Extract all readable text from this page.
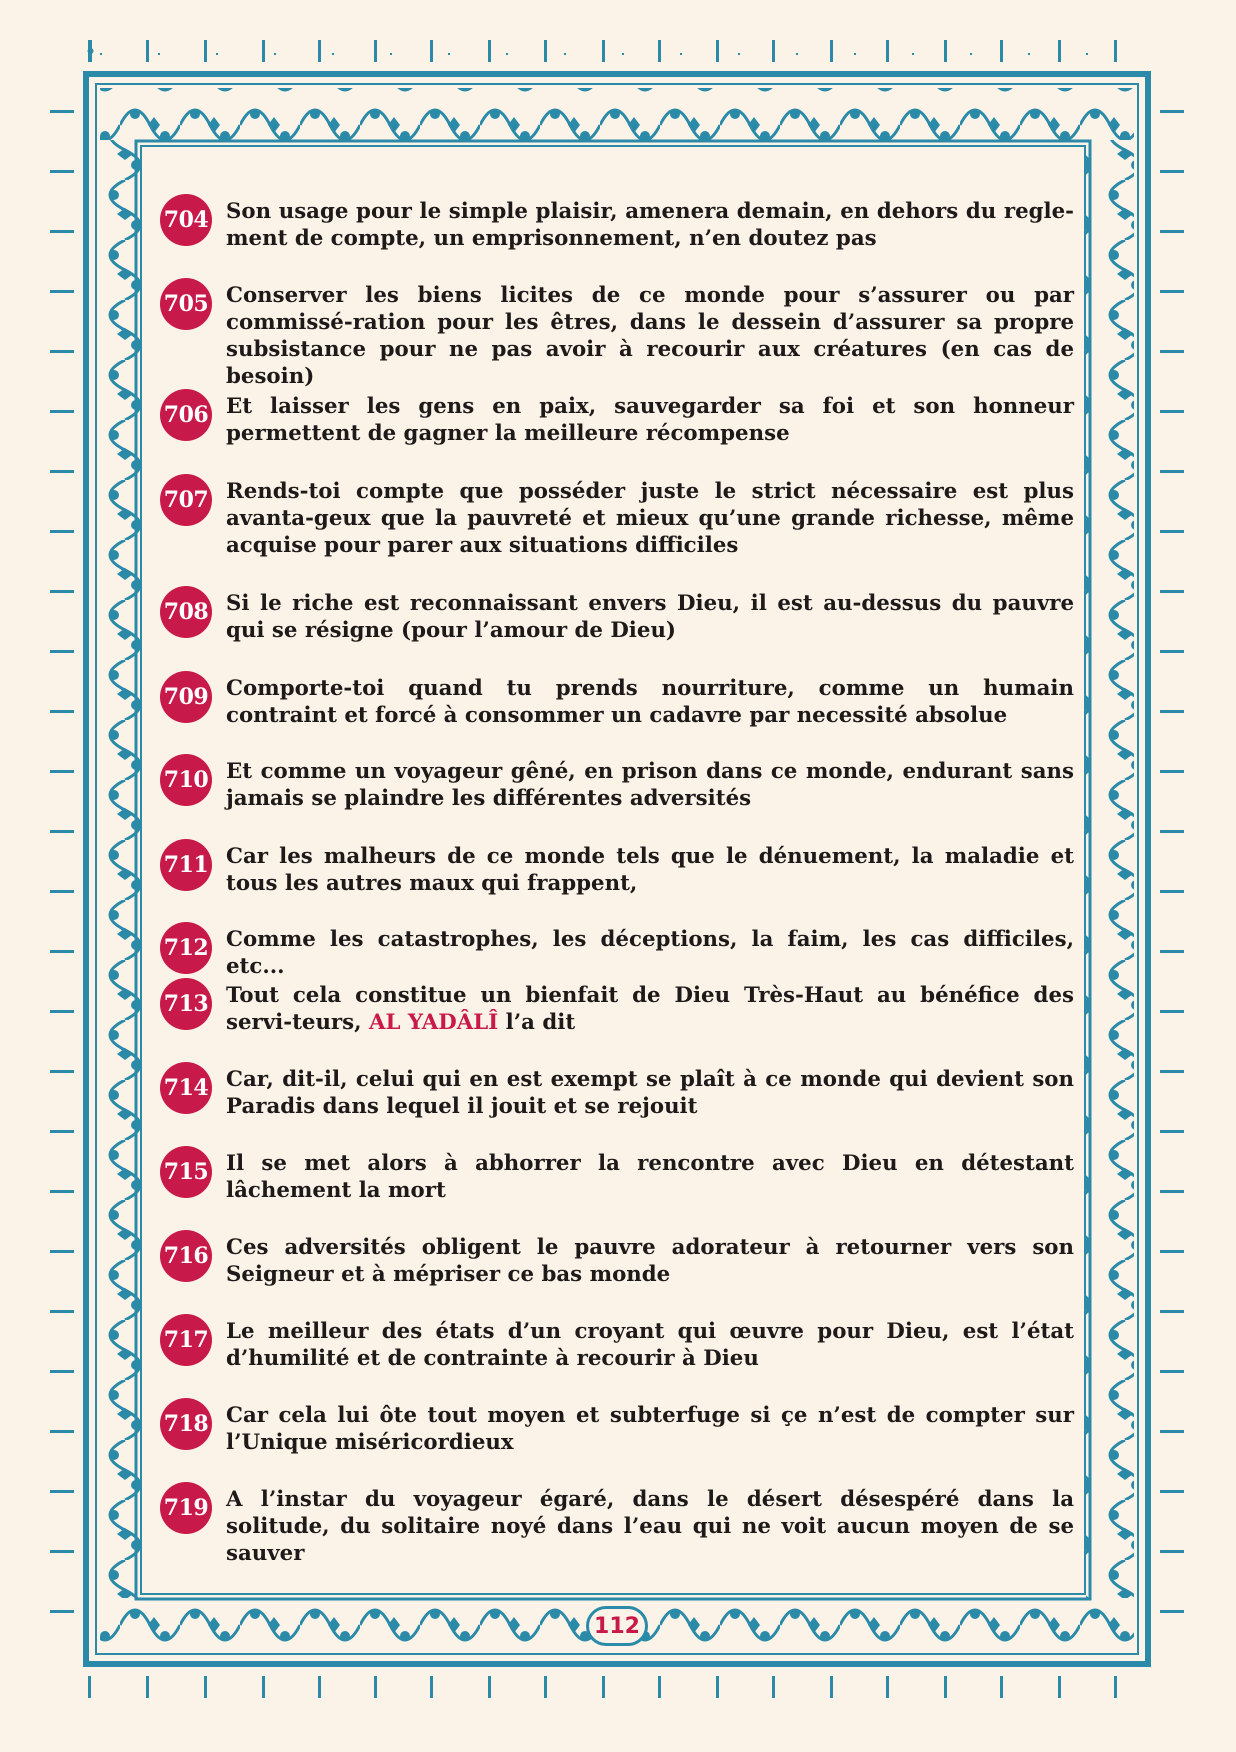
704 Son usage pour le simple plaisir, amenera demain, en dehors du regle-ment de compte, un emprisonnement, n’en doutez pas

705 Conserver les biens licites de ce monde pour s’assurer ou par commissé-ration pour les êtres, dans le dessein d’assurer sa propre subsistance pour ne pas avoir à recourir aux créatures (en cas de besoin)

706 Et laisser les gens en paix, sauvegarder sa foi et son honneur permettent de gagner la meilleure récompense

707 Rends-toi compte que posséder juste le strict nécessaire est plus avanta-geux que la pauvreté et mieux qu’une grande richesse, même acquise pour parer aux situations difficiles

708 Si le riche est reconnaissant envers Dieu, il est au-dessus du pauvre qui se résigne (pour l’amour de Dieu)

709 Comporte-toi quand tu prends nourriture, comme un humain contraint et forcé à consommer un cadavre par necessité absolue

710 Et comme un voyageur gêné, en prison dans ce monde, endurant sans jamais se plaindre les différentes adversités

711 Car les malheurs de ce monde tels que le dénuement, la maladie et tous les autres maux qui frappent,

712 Comme les catastrophes, les déceptions, la faim, les cas difficiles, etc...

713 Tout cela constitue un bienfait de Dieu Très-Haut au bénéfice des servi-teurs, AL YADÂLÎ l’a dit

714 Car, dit-il, celui qui en est exempt se plaît à ce monde qui devient son Paradis dans lequel il jouit et se rejouit

715 Il se met alors à abhorrer la rencontre avec Dieu en détestant lâchement la mort

716 Ces adversités obligent le pauvre adorateur à retourner vers son Seigneur et à mépriser ce bas monde

717 Le meilleur des états d’un croyant qui œuvre pour Dieu, est l’état d’humilité et de contrainte à recourir à Dieu

718 Car cela lui ôte tout moyen et subterfuge si çe n’est de compter sur l’Unique miséricordieux

719 A l’instar du voyageur égaré, dans le désert désespéré dans la solitude, du solitaire noyé dans l’eau qui ne voit aucun moyen de se sauver

112
